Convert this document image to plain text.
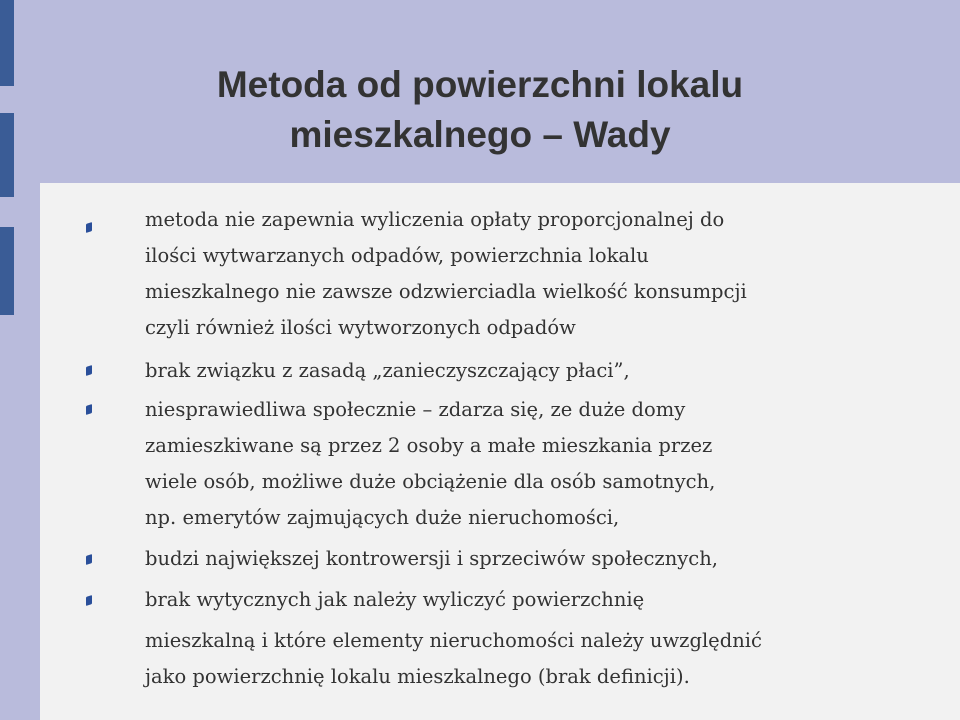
Metoda od powierzchni lokalu
mieszkalnego – Wady

metoda nie zapewnia wyliczenia opłaty proporcjonalnej do
ilości wytwarzanych odpadów, powierzchnia lokalu
mieszkalnego nie zawsze odzwierciadla wielkość konsumpcji
czyli również ilości wytworzonych odpadów

brak związku z zasadą „zanieczyszczający płaci”,

niesprawiedliwa społecznie – zdarza się, ze duże domy
zamieszkiwane są przez 2 osoby a małe mieszkania przez
wiele osób, możliwe duże obciążenie dla osób samotnych,
np. emerytów zajmujących duże nieruchomości,

budzi największej kontrowersji i sprzeciwów społecznych,

brak wytycznych jak należy wyliczyć powierzchnię

mieszkalną i które elementy nieruchomości należy uwzględnić
jako powierzchnię lokalu mieszkalnego (brak definicji).
